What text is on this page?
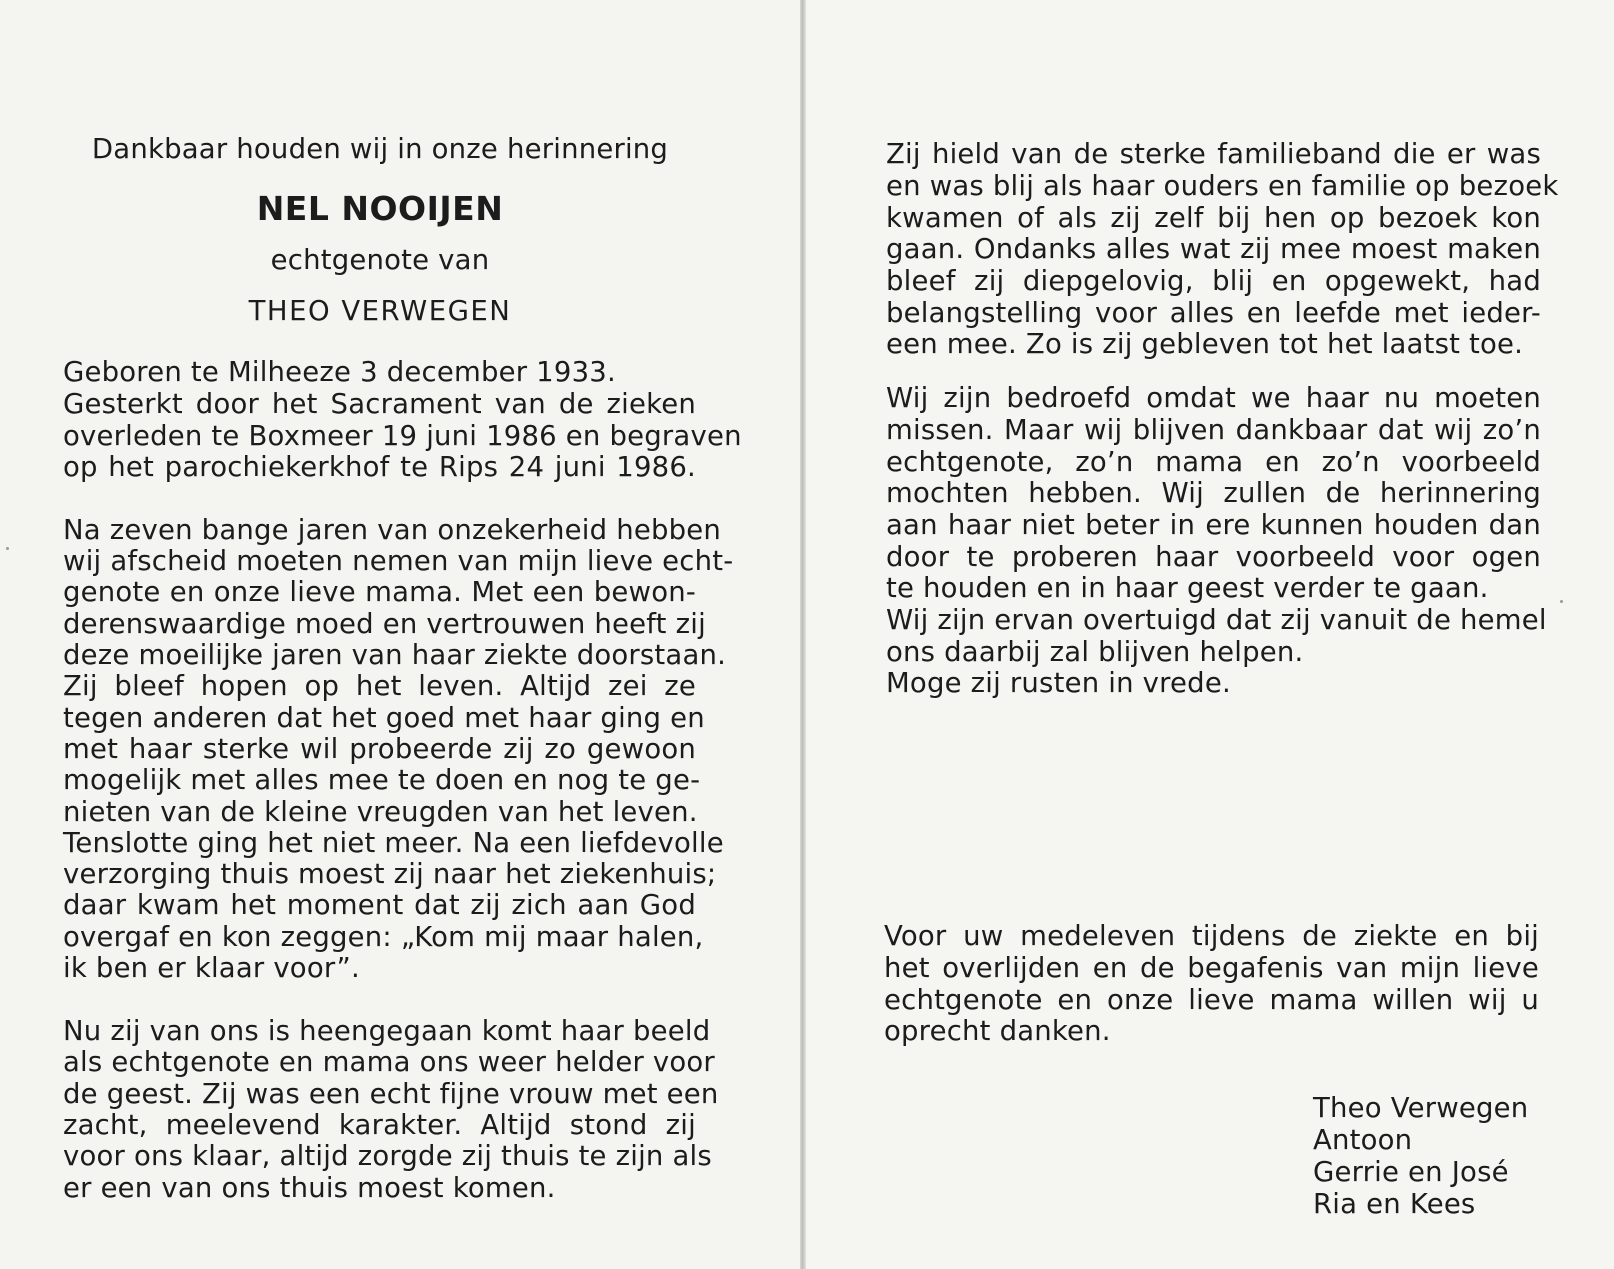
Dankbaar houden wij in onze herinnering

NEL NOOIJEN

echtgenote van

THEO VERWEGEN

Geboren te Milheeze 3 december 1933.

Gesterkt door het Sacrament van de zieken

overleden te Boxmeer 19 juni 1986 en begraven

op het parochiekerkhof te Rips 24 juni 1986.

Na zeven bange jaren van onzekerheid hebben

wij afscheid moeten nemen van mijn lieve echt-

genote en onze lieve mama. Met een bewon-

derenswaardige moed en vertrouwen heeft zij

deze moeilijke jaren van haar ziekte doorstaan.

Zij bleef hopen op het leven. Altijd zei ze

tegen anderen dat het goed met haar ging en

met haar sterke wil probeerde zij zo gewoon

mogelijk met alles mee te doen en nog te ge-

nieten van de kleine vreugden van het leven.

Tenslotte ging het niet meer. Na een liefdevolle

verzorging thuis moest zij naar het ziekenhuis;

daar kwam het moment dat zij zich aan God

overgaf en kon zeggen: „Kom mij maar halen,

ik ben er klaar voor”.

Nu zij van ons is heengegaan komt haar beeld

als echtgenote en mama ons weer helder voor

de geest. Zij was een echt fijne vrouw met een

zacht, meelevend karakter. Altijd stond zij

voor ons klaar, altijd zorgde zij thuis te zijn als

er een van ons thuis moest komen.

Zij hield van de sterke familieband die er was

en was blij als haar ouders en familie op bezoek

kwamen of als zij zelf bij hen op bezoek kon

gaan. Ondanks alles wat zij mee moest maken

bleef zij diepgelovig, blij en opgewekt, had

belangstelling voor alles en leefde met ieder-

een mee. Zo is zij gebleven tot het laatst toe.

Wij zijn bedroefd omdat we haar nu moeten

missen. Maar wij blijven dankbaar dat wij zo’n

echtgenote, zo’n mama en zo’n voorbeeld

mochten hebben. Wij zullen de herinnering

aan haar niet beter in ere kunnen houden dan

door te proberen haar voorbeeld voor ogen

te houden en in haar geest verder te gaan.

Wij zijn ervan overtuigd dat zij vanuit de hemel

ons daarbij zal blijven helpen.

Moge zij rusten in vrede.

Voor uw medeleven tijdens de ziekte en bij

het overlijden en de begafenis van mijn lieve

echtgenote en onze lieve mama willen wij u

oprecht danken.

Theo Verwegen

Antoon

Gerrie en José

Ria en Kees
